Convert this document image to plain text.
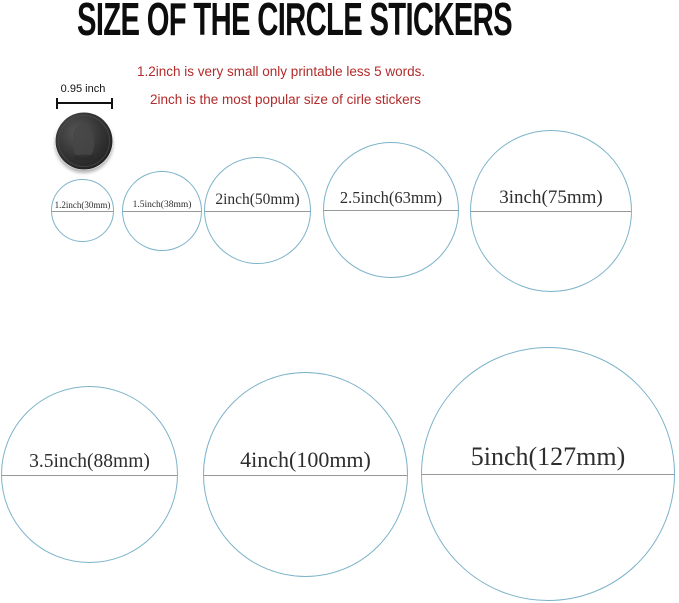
SIZE OF THE CIRCLE STICKERS

1.2inch is very small only printable less 5 words.

2inch is the most popular size of cirle stickers

0.95 inch
1.2inch(30mm)	1.5inch(38mm)	2inch(50mm)	2.5inch(63mm)	3inch(75mm)
3.5inch(88mm)	4inch(100mm)	5inch(127mm)
